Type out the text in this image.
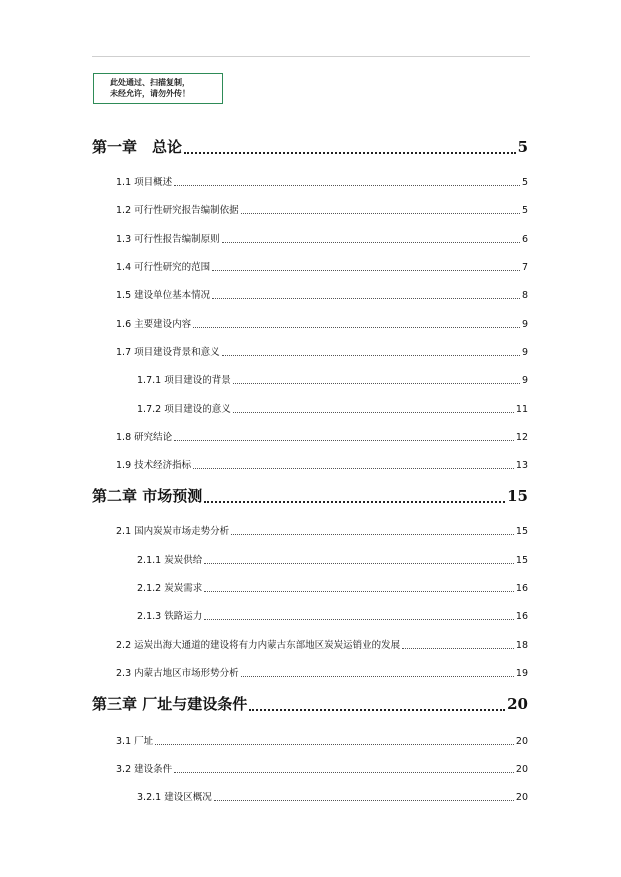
此处通过、扫描复制，
未经允许，请勿外传！
第一章　总论	5
1.1 项目概述	5
1.2 可行性研究报告编制依据	5
1.3 可行性报告编制原则	6
1.4 可行性研究的范围	7
1.5 建设单位基本情况	8
1.6 主要建设内容	9
1.7 项目建设背景和意义	9
1.7.1 项目建设的背景	9
1.7.2 项目建设的意义	11
1.8 研究结论	12
1.9 技术经济指标	13
第二章 市场预测	15
2.1 国内炭炭市场走势分析	15
2.1.1 炭炭供给	15
2.1.2 炭炭需求	16
2.1.3 铁路运力	16
2.2 运炭出海大通道的建设将有力内蒙古东部地区炭炭运销业的发展	18
2.3 内蒙古地区市场形势分析	19
第三章 厂址与建设条件	20
3.1 厂址	20
3.2 建设条件	20
3.2.1 建设区概况	20
